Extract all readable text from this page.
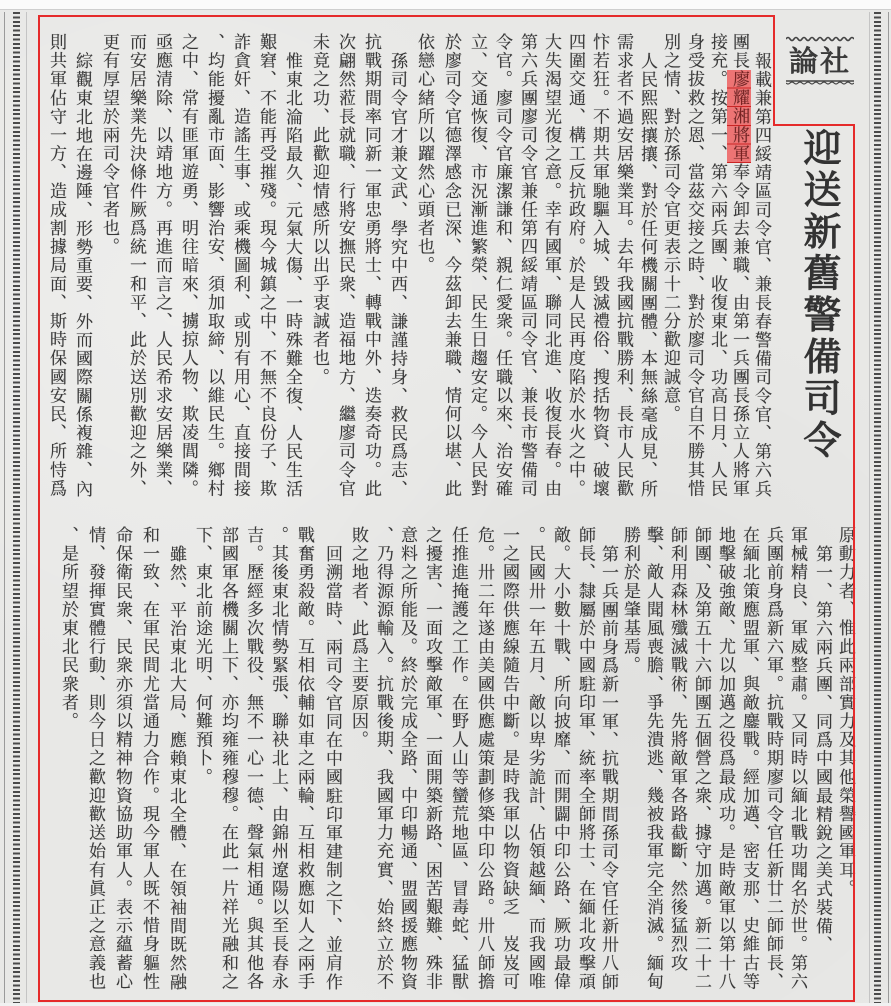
社論
迎送新舊警備司令
報載兼第四綏靖區司令官、兼長春警備司令官、第六兵
團長廖耀湘將軍奉令卸去兼職、由第一兵團長孫立人將軍
接充。按第一、第六兩兵團、收復東北、功高日月、人民
身受拔救之恩、當茲交接之時、對於廖司令官自不勝其惜
別之情、對於孫司令官更表示十二分歡迎誠意。
人民熙熙攘攘、對於任何機關團體、本無絲毫成見、所
需求者不過安居樂業耳。去年我國抗戰勝利、長市人民歡
忭若狂。不期共軍馳驅入城、毀滅禮俗、搜括物資、破壞
四圍交通、構工反抗政府。於是人民再度陷於水火之中。
大失渴望光復之意。幸有國軍、聯同北進、收復長春。由
第六兵團廖司令官兼任第四綏靖區司令官、兼長市警備司
令官。廖司令官廉潔謙和、親仁愛衆。任職以來、治安確
立、交通恢復、市況漸進繁榮、民生日趨安定。今人民對
於廖司令官德澤感念已深、今茲卸去兼職、情何以堪、此
依戀心緒所以躍然心頭者也。
孫司令官才兼文武、學究中西、謙謹持身、救民爲志、
抗戰期間率同新一軍忠勇將士、轉戰中外、迭奏奇功。此
次翩然蒞長就職、行將安撫民衆、造福地方、繼廖司令官
未竟之功、此歡迎情感所以出乎衷誠者也。
惟東北淪陷最久、元氣大傷、一時殊難全復、人民生活
艱窘、不能再受摧殘。現今城鎮之中、不無不良份子、欺
詐貪奸、造謠生事、或乘機圖利、或別有用心、直接間接
、均能擾亂市面、影響治安、須加取締、以維民生。鄉村
之中、常有匪軍遊勇、明往暗來、擄掠人物、欺凌閭隣。
亟應清除、以靖地方。再進而言之、人民希求安居樂業、
而安居樂業先決條件厥爲統一和平、此於送別歡迎之外、
更有厚望於兩司令官者也。
綜觀東北地在邊陲、形勢重要、外而國際關係複雜、內
則共軍佔守一方、造成割據局面、斯時保國安民、所恃爲
原動力者、惟此兩部實力及其他榮譽國軍耳。
第一、第六兩兵團、同爲中國最精銳之美式裝備、
軍械精良、軍威整肅。又同時以緬北戰功聞名於世。第六
兵團前身爲新六軍。抗戰時期廖司令官任新廿二師師長、
在緬北策應盟軍、與敵鏖戰。經加邁、密支那、史維古等
地擊破強敵、尤以加邁之役爲最成功。是時敵軍以第十八
師團、及第五十六師團五個營之衆、據守加邁。新二十二
師利用森林殲滅戰術、先將敵軍各路截斷、然後猛烈攻
擊、敵人聞風喪膽、爭先潰逃、幾被我軍完全消滅。緬甸
勝利於是肇基焉。
第一兵團前身爲新一軍、抗戰期間孫司令官任新卅八師
師長、隸屬於中國駐印軍、統率全師將士、在緬北攻擊頑
敵。大小數十戰、所向披靡、而開闢中印公路、厥功最偉
。民國卅一年五月、敵以卑劣詭計、佔領越緬、而我國唯
一之國際供應線隨告中斷。是時我軍以物資缺乏　岌岌可
危。卅二年遂由美國供應處策劃修築中印公路。卅八師擔
任推進掩護之工作。在野人山等蠻荒地區、冒毒蛇、猛獸
之擾害、一面攻擊敵軍、一面開築新路、困苦艱難、殊非
意料之所能及。終於完成全路、中印暢通、盟國援應物資
、乃得源源輸入。抗戰後期、我國軍力充實、始終立於不
敗之地者、此爲主要原因。
回溯當時、兩司令官同在中國駐印軍建制之下、並肩作
戰奮勇殺敵。互相依輔如車之兩輪、互相救應如人之兩手
。其後東北情勢緊張、聯袂北上、由錦州遼陽以至長春永
吉。歷經多次戰役、無不一心一德、聲氣相通。與其他各
部國軍各機關上下、亦均雍雍穆穆。在此一片祥光融和之
下、東北前途光明、何難預卜。
雖然、平治東北大局、應賴東北全體、在領袖間既然融
和一致、在軍民間尤當通力合作。現今軍人既不惜身軀性
命保衛民衆、民衆亦須以精神物資協助軍人。表示蘊蓄心
情、發揮實體行動、則今日之歡迎歡送始有眞正之意義也
、是所望於東北民衆者。
